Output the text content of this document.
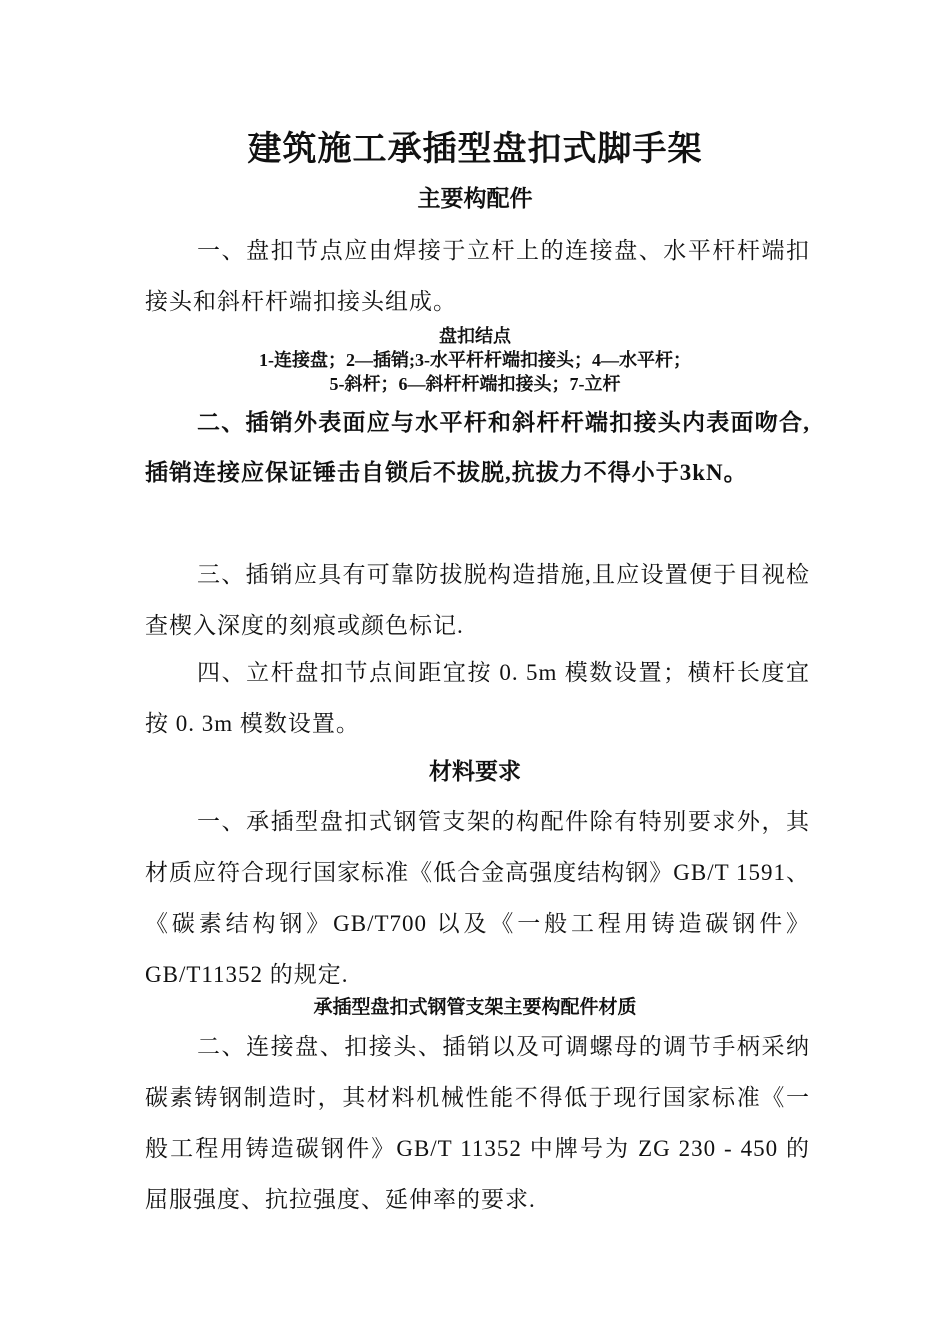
建筑施工承插型盘扣式脚手架
主要构配件
一、盘扣节点应由焊接于立杆上的连接盘、水平杆杆端扣接头和斜杆杆端扣接头组成。
盘扣结点
1-连接盘；2—插销;3-水平杆杆端扣接头；4—水平杆；
5-斜杆；6—斜杆杆端扣接头；7-立杆
二、插销外表面应与水平杆和斜杆杆端扣接头内表面吻合,插销连接应保证锤击自锁后不拔脱,抗拔力不得小于3kN。
三、插销应具有可靠防拔脱构造措施,且应设置便于目视检查楔入深度的刻痕或颜色标记.
四、立杆盘扣节点间距宜按 0. 5m 模数设置；横杆长度宜按 0. 3m 模数设置。
材料要求
一、承插型盘扣式钢管支架的构配件除有特别要求外，其材质应符合现行国家标准《低合金高强度结构钢》GB/T 1591、《碳素结构钢》GB/T700 以及《一般工程用铸造碳钢件》GB/T11352 的规定.
承插型盘扣式钢管支架主要构配件材质
二、连接盘、扣接头、插销以及可调螺母的调节手柄采纳碳素铸钢制造时，其材料机械性能不得低于现行国家标准《一般工程用铸造碳钢件》GB/T 11352 中牌号为 ZG 230 - 450 的屈服强度、抗拉强度、延伸率的要求.
